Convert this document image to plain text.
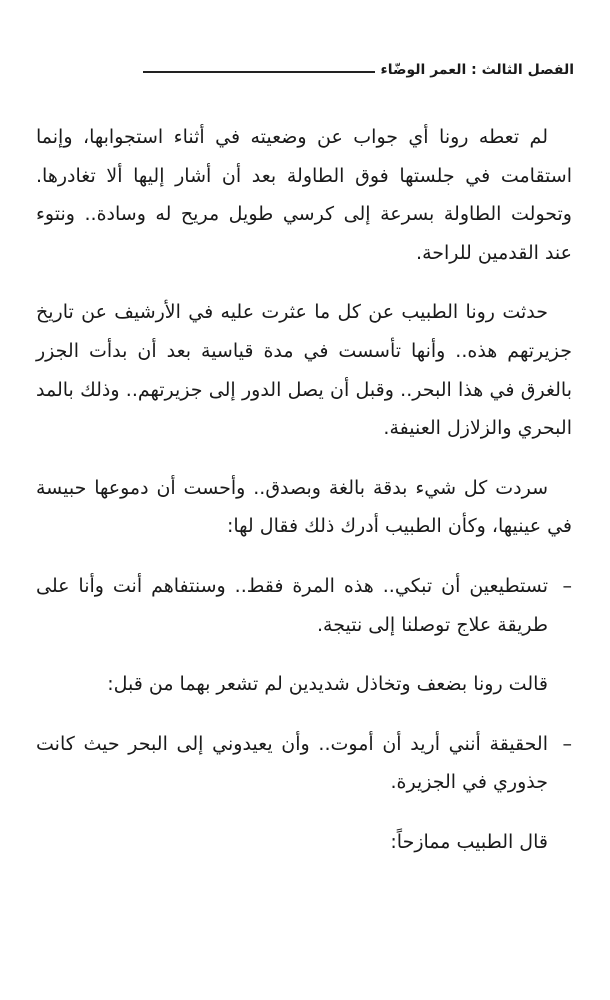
الفصل الثالث : العمر الوضّاء

لم تعطه رونا أي جواب عن وضعيته في أثناء استجوابها، وإنما استقامت في جلستها فوق الطاولة بعد أن أشار إليها ألا تغادرها. وتحولت الطاولة بسرعة إلى كرسي طويل مريح له وسادة.. ونتوء عند القدمين للراحة.

حدثت رونا الطبيب عن كل ما عثرت عليه في الأرشيف عن تاريخ جزيرتهم هذه.. وأنها تأسست في مدة قياسية بعد أن بدأت الجزر بالغرق في هذا البحر.. وقبل أن يصل الدور إلى جزيرتهم.. وذلك بالمد البحري والزلازل العنيفة.

سردت كل شيء بدقة بالغة وبصدق.. وأحست أن دموعها حبيسة في عينيها، وكأن الطبيب أدرك ذلك فقال لها:

–
تستطيعين أن تبكي.. هذه المرة فقط.. وسنتفاهم أنت وأنا على طريقة علاج توصلنا إلى نتيجة.

قالت رونا بضعف وتخاذل شديدين لم تشعر بهما من قبل:

–
الحقيقة أنني أريد أن أموت.. وأن يعيدوني إلى البحر حيث كانت جذوري في الجزيرة.

قال الطبيب ممازحاً:
